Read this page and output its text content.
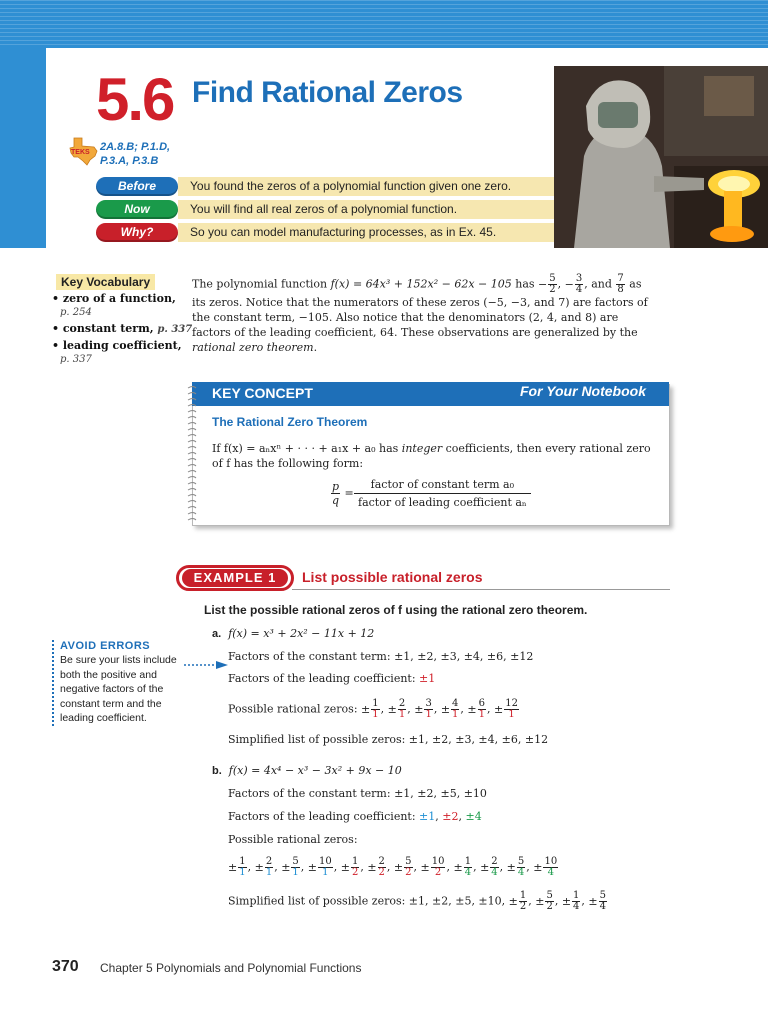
5.6 Find Rational Zeros
TEKS 2A.8.B; P.1.D,
P.3.A, P.3.B
Before	You found the zeros of a polynomial function given one zero.
Now	You will find all real zeros of a polynomial function.
Why?	So you can model manufacturing processes, as in Ex. 45.
Key Vocabulary
• zero of a function,
p. 254
• constant term, p. 337
• leading coefficient,
p. 337
The polynomial function f(x) = 64x³ + 152x² − 62x − 105 has − $\frac{5}{2}$ , − $\frac{3}{4}$ , and $\frac{7}{8}$ as its zeros. Notice that the numerators of these zeros (−5, −3, and 7) are factors of the constant term, −105. Also notice that the denominators (2, 4, and 8) are factors of the leading coefficient, 64. These observations are generalized by the rational zero theorem.
KEY CONCEPT	For Your Notebook
The Rational Zero Theorem
If f(x) = aₙxⁿ + · · · + a₁x + a₀ has integer coefficients, then every rational zero of f has the following form:
$\frac{p}{q}$ =
factor of constant term a₀
factor of leading coefficient aₙ
EXAMPLE 1	List possible rational zeros
List the possible rational zeros of f using the rational zero theorem.
a. f(x) = x³ + 2x² − 11x + 12
Factors of the constant term: ±1, ±2, ±3, ±4, ±6, ±12
Factors of the leading coefficient: ±1
Possible rational zeros: ± $\frac{1}{1}$ , ± $\frac{2}{1}$ , ± $\frac{3}{1}$ , ± $\frac{4}{1}$ , ± $\frac{6}{1}$ , ± $\frac{12}{1}$
Simplified list of possible zeros: ±1, ±2, ±3, ±4, ±6, ±12
b. f(x) = 4x⁴ − x³ − 3x² + 9x − 10
Factors of the constant term: ±1, ±2, ±5, ±10
Factors of the leading coefficient: ±1, ±2, ±4
Possible rational zeros:
± $\frac{1}{1}$ , ± $\frac{2}{1}$ , ± $\frac{5}{1}$ , ± $\frac{10}{1}$ , ± $\frac{1}{2}$ , ± $\frac{2}{2}$ , ± $\frac{5}{2}$ , ± $\frac{10}{2}$ , ± $\frac{1}{4}$ , ± $\frac{2}{4}$ , ± $\frac{5}{4}$ , ± $\frac{10}{4}$
Simplified list of possible zeros: ±1, ±2, ±5, ±10, ± $\frac{1}{2}$ , ± $\frac{5}{2}$ , ± $\frac{1}{4}$ , ± $\frac{5}{4}$
AVOID ERRORS
Be sure your lists include both the positive and negative factors of the constant term and the leading coefficient.
370 Chapter 5 Polynomials and Polynomial Functions
